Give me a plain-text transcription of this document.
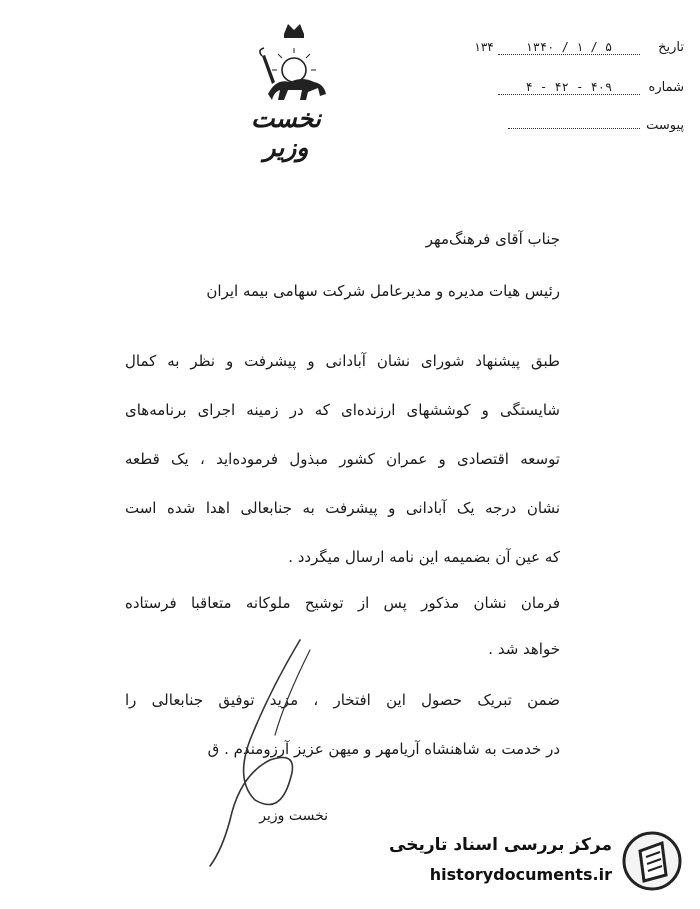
نخست وزیر
تاریخ ۵ / ۱ / ۱۳۴۰ ۱۳۴
شماره ۴۰۹ - ۴۲ - ۴
پیوست
جناب آقای فرهنگ‌مهر
رئیس هیات مدیره و مدیرعامل شرکت سهامی بیمه ایران
طبق پیشنهاد شورای نشان آبادانی و پیشرفت و نظر به کمال
شایستگی و کوششهای ارزنده‌ای که در زمینه اجرای برنامه‌های
توسعه اقتصادی و عمران کشور مبذول فرموده‌اید ، یک قطعه
نشان درجه یک آبادانی و پیشرفت به جنابعالی اهدا شده است
که عین آن بضمیمه این نامه ارسال میگردد .
فرمان نشان مذکور پس از توشیح ملوکانه متعاقبا فرستاده
خواهد شد .
ضمن تبریک حصول این افتخار ، مزید توفیق جنابعالی را
در خدمت به شاهنشاه آریامهر و میهن عزیز آرزومندم . ق
نخست وزیر
مرکز بررسی اسناد تاریخی
historydocuments.ir
